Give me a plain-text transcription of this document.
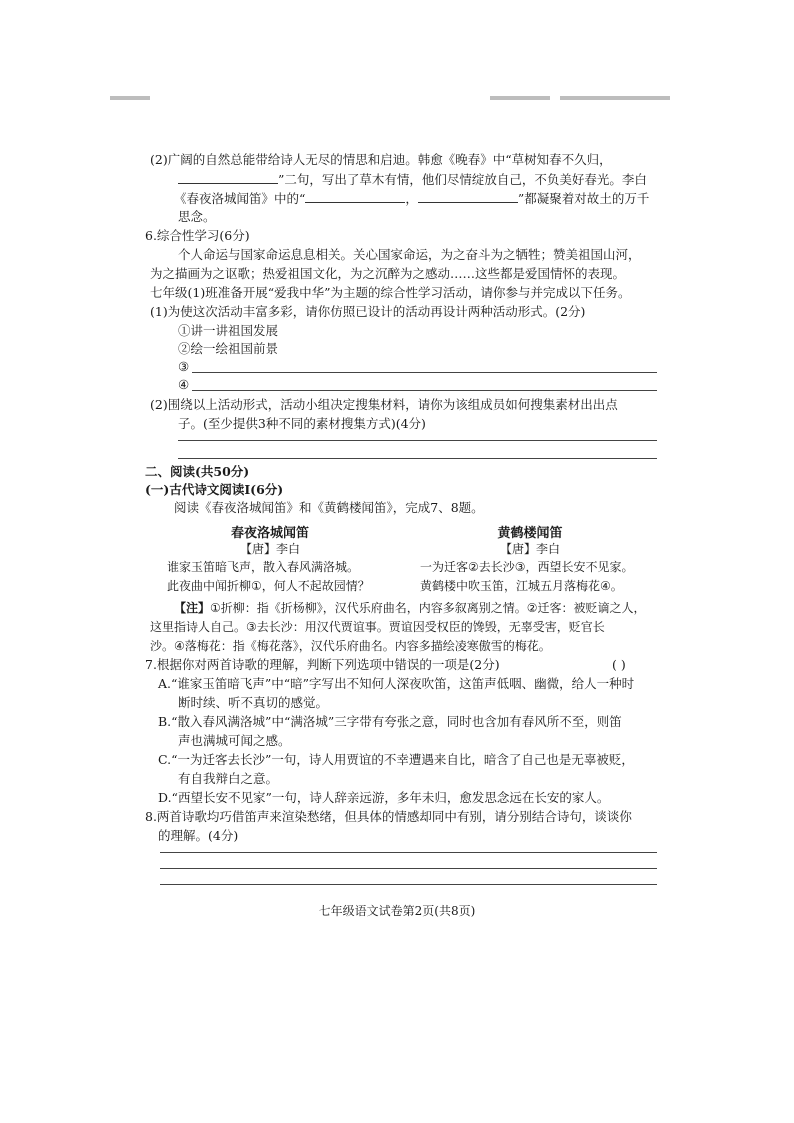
(2)广阔的自然总能带给诗人无尽的情思和启迪。韩愈《晚春》中“草树知春不久归，
”二句，写出了草木有情，他们尽情绽放自己，不负美好春光。李白
《春夜洛城闻笛》中的“	，	”都凝聚着对故土的万千
思念。
6.综合性学习(6分)
个人命运与国家命运息息相关。关心国家命运，为之奋斗为之牺牲；赞美祖国山河，
为之描画为之讴歌；热爱祖国文化，为之沉醉为之感动……这些都是爱国情怀的表现。
七年级(1)班准备开展“爱我中华”为主题的综合性学习活动，请你参与并完成以下任务。
(1)为使这次活动丰富多彩，请你仿照已设计的活动再设计两种活动形式。(2分)
①讲一讲祖国发展
②绘一绘祖国前景
③
④
(2)围绕以上活动形式，活动小组决定搜集材料，请你为该组成员如何搜集素材出出点
子。(至少提供3种不同的素材搜集方式)(4分)
二、阅读(共50分)
(一)古代诗文阅读Ⅰ(6分)
阅读《春夜洛城闻笛》和《黄鹤楼闻笛》，完成7、8题。
春夜洛城闻笛
【唐】李白
谁家玉笛暗飞声，散入春风满洛城。
此夜曲中闻折柳①，何人不起故园情？
黄鹤楼闻笛
【唐】李白
一为迁客②去长沙③，西望长安不见家。
黄鹤楼中吹玉笛，江城五月落梅花④。
【注】①折柳：指《折杨柳》，汉代乐府曲名，内容多叙离别之情。②迁客：被贬谪之人，
这里指诗人自己。③去长沙：用汉代贾谊事。贾谊因受权臣的馋毁，无辜受害，贬官长
沙。④落梅花：指《梅花落》，汉代乐府曲名。内容多描绘凌寒傲雪的梅花。
7.根据你对两首诗歌的理解，判断下列选项中错误的一项是(2分)	( )
A.“谁家玉笛暗飞声”中“暗”字写出不知何人深夜吹笛，这笛声低咽、幽微，给人一种时
断时续、听不真切的感觉。
B.“散入春风满洛城”中“满洛城”三字带有夸张之意，同时也含加有春风所不至，则笛
声也满城可闻之感。
C.“一为迁客去长沙”一句，诗人用贾谊的不幸遭遇来自比，暗含了自己也是无辜被贬，
有自我辩白之意。
D.“西望长安不见家”一句，诗人辞亲远游，多年未归，愈发思念远在长安的家人。
8.两首诗歌均巧借笛声来渲染愁绪，但具体的情感却同中有别，请分别结合诗句，谈谈你
的理解。(4分)
七年级语文试卷第2页(共8页)
